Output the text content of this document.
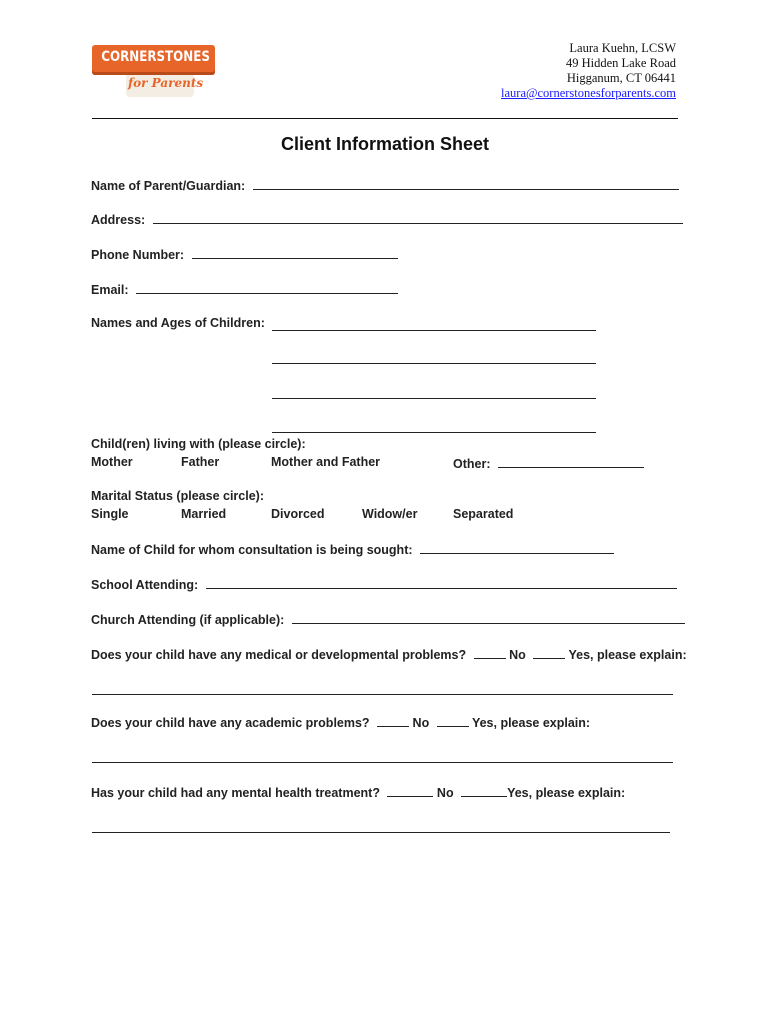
CORNERSTONES
for Parents
Laura Kuehn, LCSW
49 Hidden Lake Road
Higganum, CT 06441
laura@cornerstonesforparents.com
Client Information Sheet
Name of Parent/Guardian:
Address:
Phone Number:
Email:
Names and Ages of Children:
Child(ren) living with (please circle):
Mother	Father	Mother and Father	Other:
Marital Status (please circle):
Single	Married	Divorced	Widow/er	Separated
Name of Child for whom consultation is being sought:
School Attending:
Church Attending (if applicable):
Does your child have any medical or developmental problems?	No	Yes, please explain:
Does your child have any academic problems?	No	Yes, please explain:
Has your child had any mental health treatment?	No	Yes, please explain:
